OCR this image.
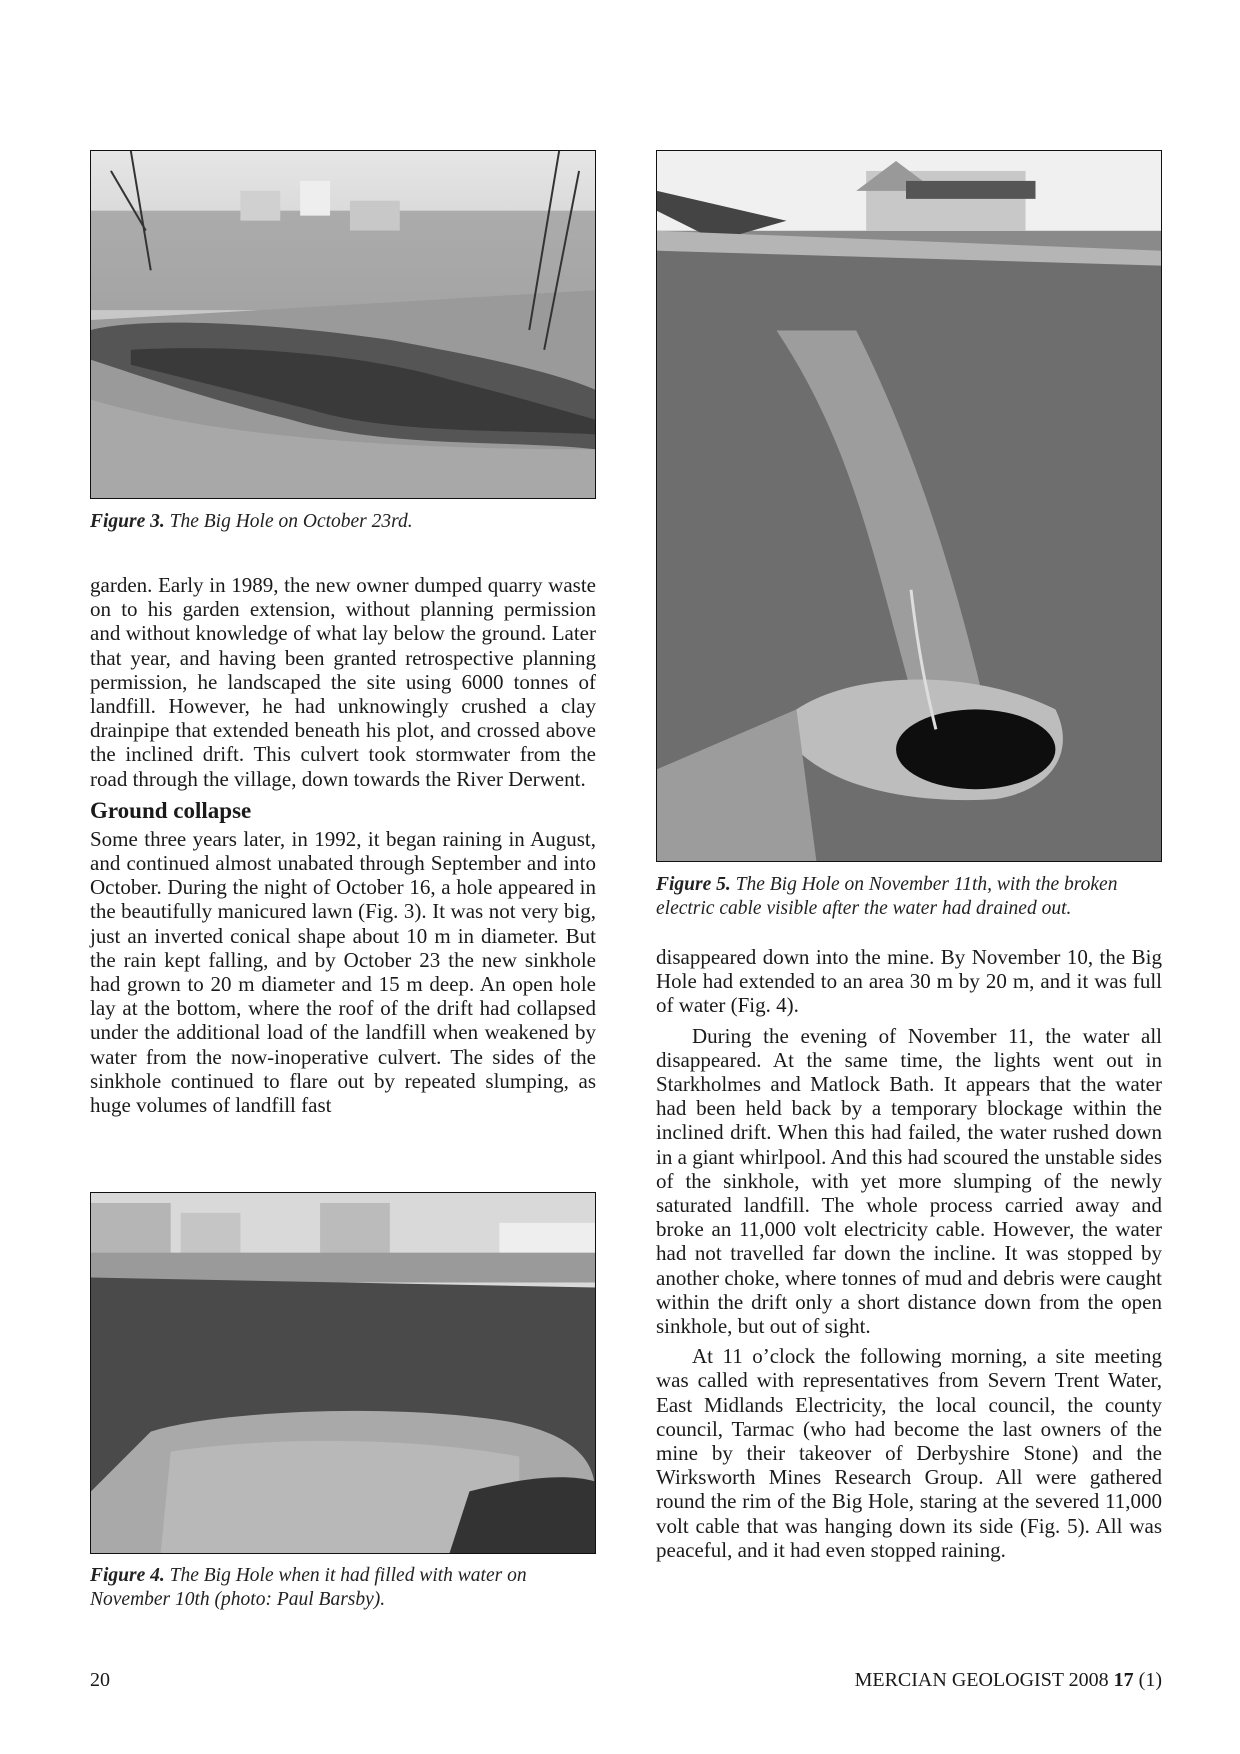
Figure 3. The Big Hole on October 23rd.

garden. Early in 1989, the new owner dumped quarry waste on to his garden extension, without planning permission and without knowledge of what lay below the ground. Later that year, and having been granted retrospective planning permission, he landscaped the site using 6000 tonnes of landfill. However, he had unknowingly crushed a clay drainpipe that extended beneath his plot, and crossed above the inclined drift. This culvert took stormwater from the road through the village, down towards the River Derwent.

Ground collapse

Some three years later, in 1992, it began raining in August, and continued almost unabated through September and into October. During the night of October 16, a hole appeared in the beautifully manicured lawn (Fig. 3). It was not very big, just an inverted conical shape about 10 m in diameter. But the rain kept falling, and by October 23 the new sinkhole had grown to 20 m diameter and 15 m deep. An open hole lay at the bottom, where the roof of the drift had collapsed under the additional load of the landfill when weakened by water from the now-inoperative culvert. The sides of the sinkhole continued to flare out by repeated slumping, as huge volumes of landfill fast

Figure 4. The Big Hole when it had filled with water on November 10th (photo: Paul Barsby).
Figure 5. The Big Hole on November 11th, with the broken electric cable visible after the water had drained out.

disappeared down into the mine. By November 10, the Big Hole had extended to an area 30 m by 20 m, and it was full of water (Fig. 4).

During the evening of November 11, the water all disappeared. At the same time, the lights went out in Starkholmes and Matlock Bath. It appears that the water had been held back by a temporary blockage within the inclined drift. When this had failed, the water rushed down in a giant whirlpool. And this had scoured the unstable sides of the sinkhole, with yet more slumping of the newly saturated landfill. The whole process carried away and broke an 11,000 volt electricity cable. However, the water had not travelled far down the incline. It was stopped by another choke, where tonnes of mud and debris were caught within the drift only a short distance down from the open sinkhole, but out of sight.

At 11 o’clock the following morning, a site meeting was called with representatives from Severn Trent Water, East Midlands Electricity, the local council, the county council, Tarmac (who had become the last owners of the mine by their takeover of Derbyshire Stone) and the Wirksworth Mines Research Group. All were gathered round the rim of the Big Hole, staring at the severed 11,000 volt cable that was hanging down its side (Fig. 5). All was peaceful, and it had even stopped raining.

20	MERCIAN GEOLOGIST 2008 17 (1)
